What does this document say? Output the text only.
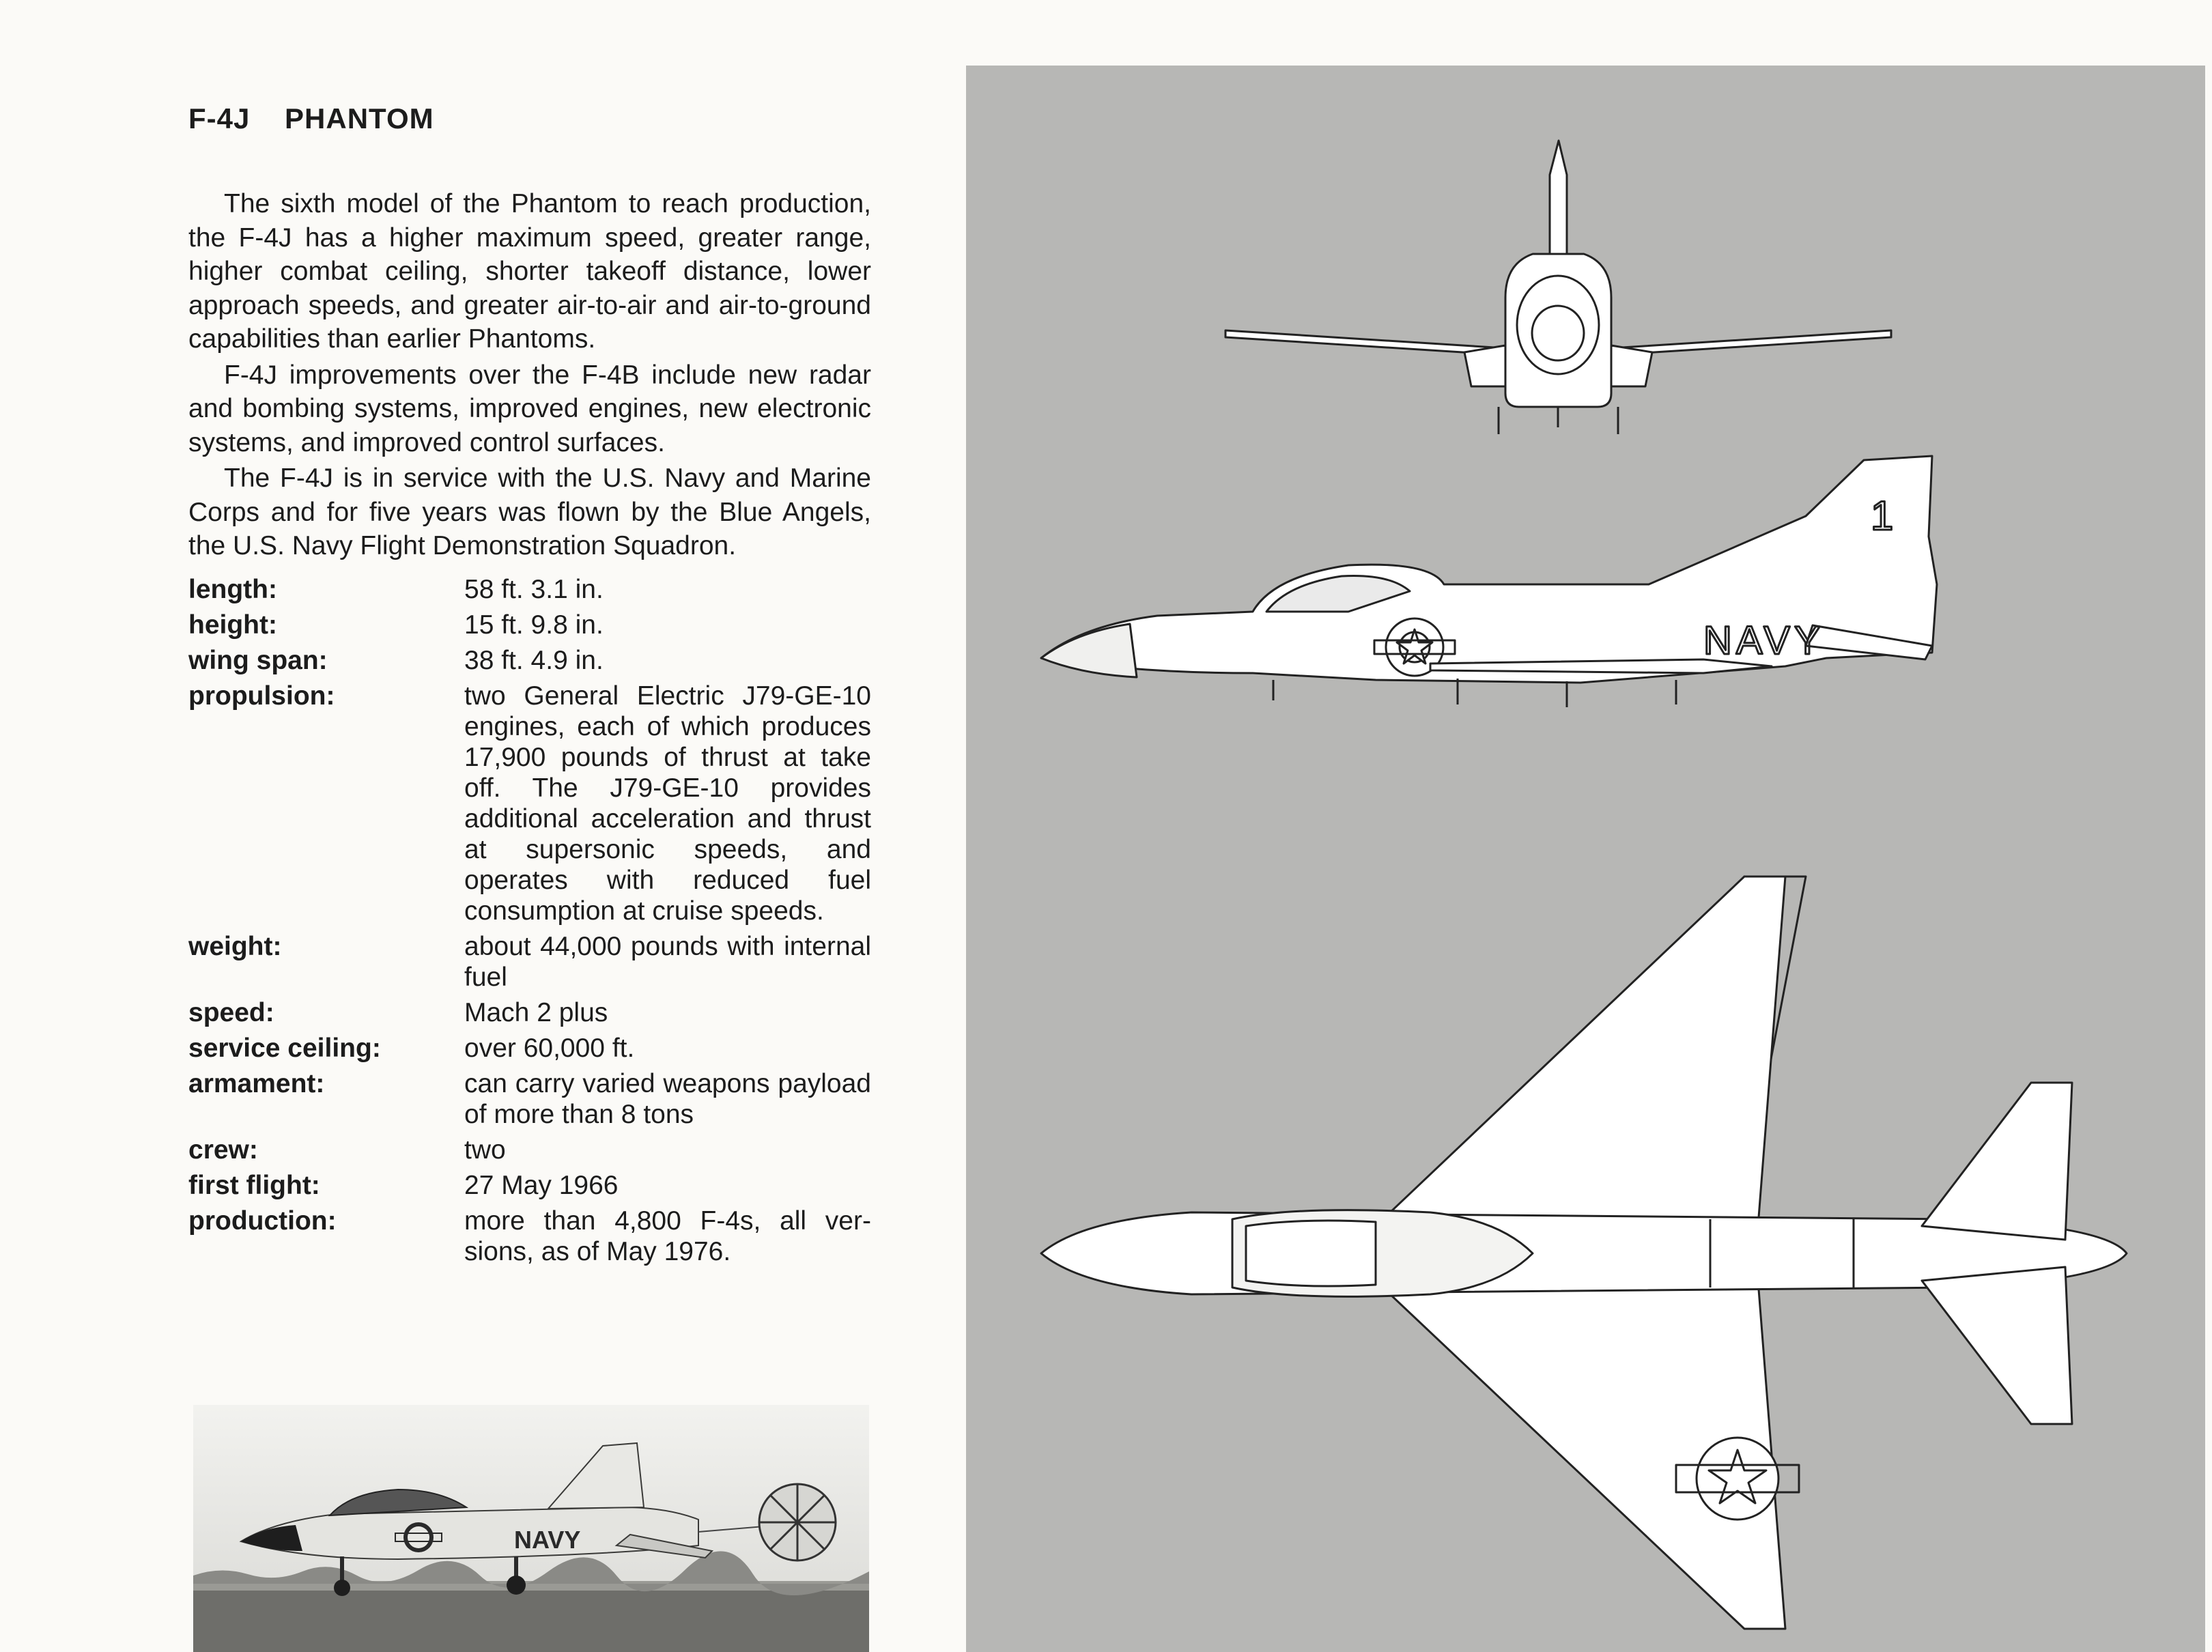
F-4J    PHANTOM

The sixth model of the Phantom to reach production, the F-4J has a higher maximum speed, greater range, higher combat ceiling, shorter takeoff distance, lower approach speeds, and greater air-to-air and air-to-ground capabilities than earlier Phantoms.

F-4J improvements over the F-4B include new radar and bombing systems, improved engines, new electronic systems, and improved control surfaces.

The F-4J is in service with the U.S. Navy and Marine Corps and for five years was flown by the Blue Angels, the U.S. Navy Flight Demonstration Squadron.

length:	58 ft. 3.1 in.
height:	15 ft. 9.8 in.
wing span:	38 ft. 4.9 in.
propulsion:	two General Electric J79-GE-10 engines, each of which produces 17,900 pounds of thrust at take off. The J79-GE-10 provides additional acceleration and thrust at supersonic speeds, and operates with reduced fuel consumption at cruise speeds.
weight:	about 44,000 pounds with internal fuel
speed:	Mach 2 plus
service ceiling:	over 60,000 ft.
armament:	can carry varied weapons payload of more than 8 tons
crew:	two
first flight:	27 May 1966
production:	more than 4,800 F-4s, all versions, as of May 1976.
NAVY
NAVY
1
